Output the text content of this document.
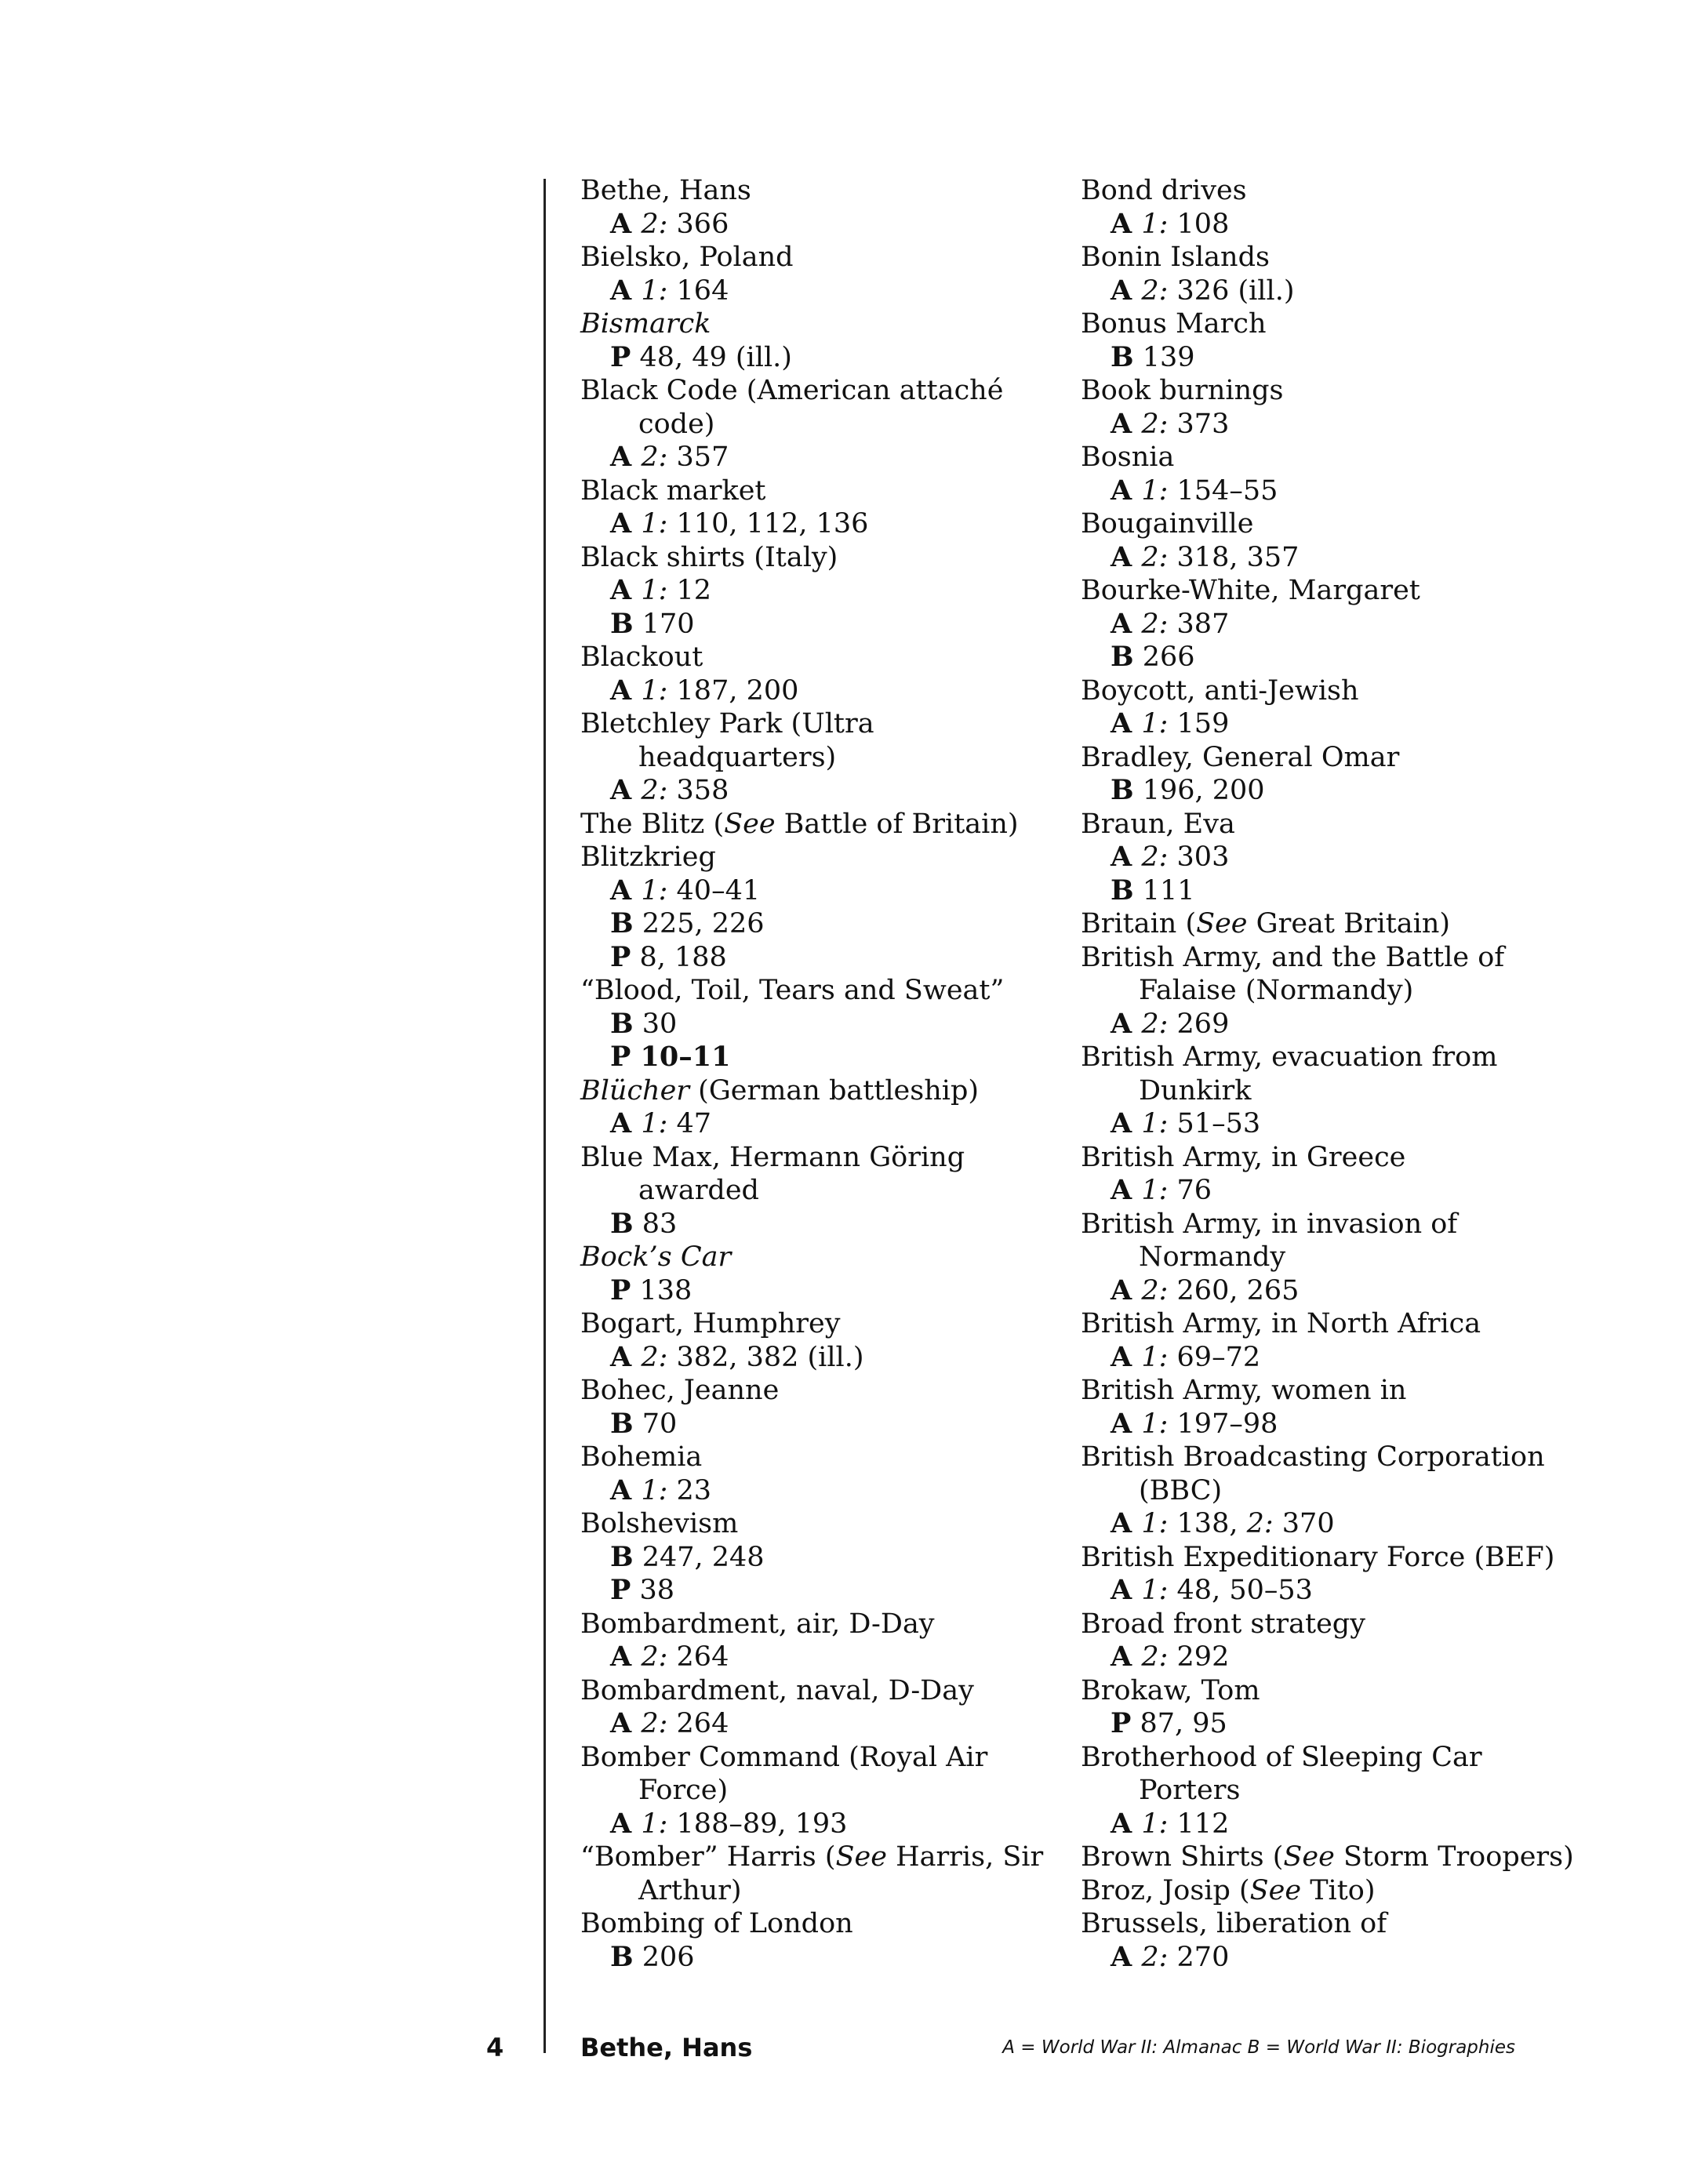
Bethe, Hans
A 2: 366
Bielsko, Poland
A 1: 164
Bismarck
P 48, 49 (ill.)
Black Code (American attaché
code)
A 2: 357
Black market
A 1: 110, 112, 136
Black shirts (Italy)
A 1: 12
B 170
Blackout
A 1: 187, 200
Bletchley Park (Ultra
headquarters)
A 2: 358
The Blitz (See Battle of Britain)
Blitzkrieg
A 1: 40–41
B 225, 226
P 8, 188
“Blood, Toil, Tears and Sweat”
B 30
P 10–11
Blücher (German battleship)
A 1: 47
Blue Max, Hermann Göring
awarded
B 83
Bock’s Car
P 138
Bogart, Humphrey
A 2: 382, 382 (ill.)
Bohec, Jeanne
B 70
Bohemia
A 1: 23
Bolshevism
B 247, 248
P 38
Bombardment, air, D-Day
A 2: 264
Bombardment, naval, D-Day
A 2: 264
Bomber Command (Royal Air
Force)
A 1: 188–89, 193
“Bomber” Harris (See Harris, Sir
Arthur)
Bombing of London
B 206
Bond drives
A 1: 108
Bonin Islands
A 2: 326 (ill.)
Bonus March
B 139
Book burnings
A 2: 373
Bosnia
A 1: 154–55
Bougainville
A 2: 318, 357
Bourke-White, Margaret
A 2: 387
B 266
Boycott, anti-Jewish
A 1: 159
Bradley, General Omar
B 196, 200
Braun, Eva
A 2: 303
B 111
Britain (See Great Britain)
British Army, and the Battle of
Falaise (Normandy)
A 2: 269
British Army, evacuation from
Dunkirk
A 1: 51–53
British Army, in Greece
A 1: 76
British Army, in invasion of
Normandy
A 2: 260, 265
British Army, in North Africa
A 1: 69–72
British Army, women in
A 1: 197–98
British Broadcasting Corporation
(BBC)
A 1: 138, 2: 370
British Expeditionary Force (BEF)
A 1: 48, 50–53
Broad front strategy
A 2: 292
Brokaw, Tom
P 87, 95
Brotherhood of Sleeping Car
Porters
A 1: 112
Brown Shirts (See Storm Troopers)
Broz, Josip (See Tito)
Brussels, liberation of
A 2: 270
4	Bethe, Hans	A = World War II: Almanac B = World War II: Biographies
